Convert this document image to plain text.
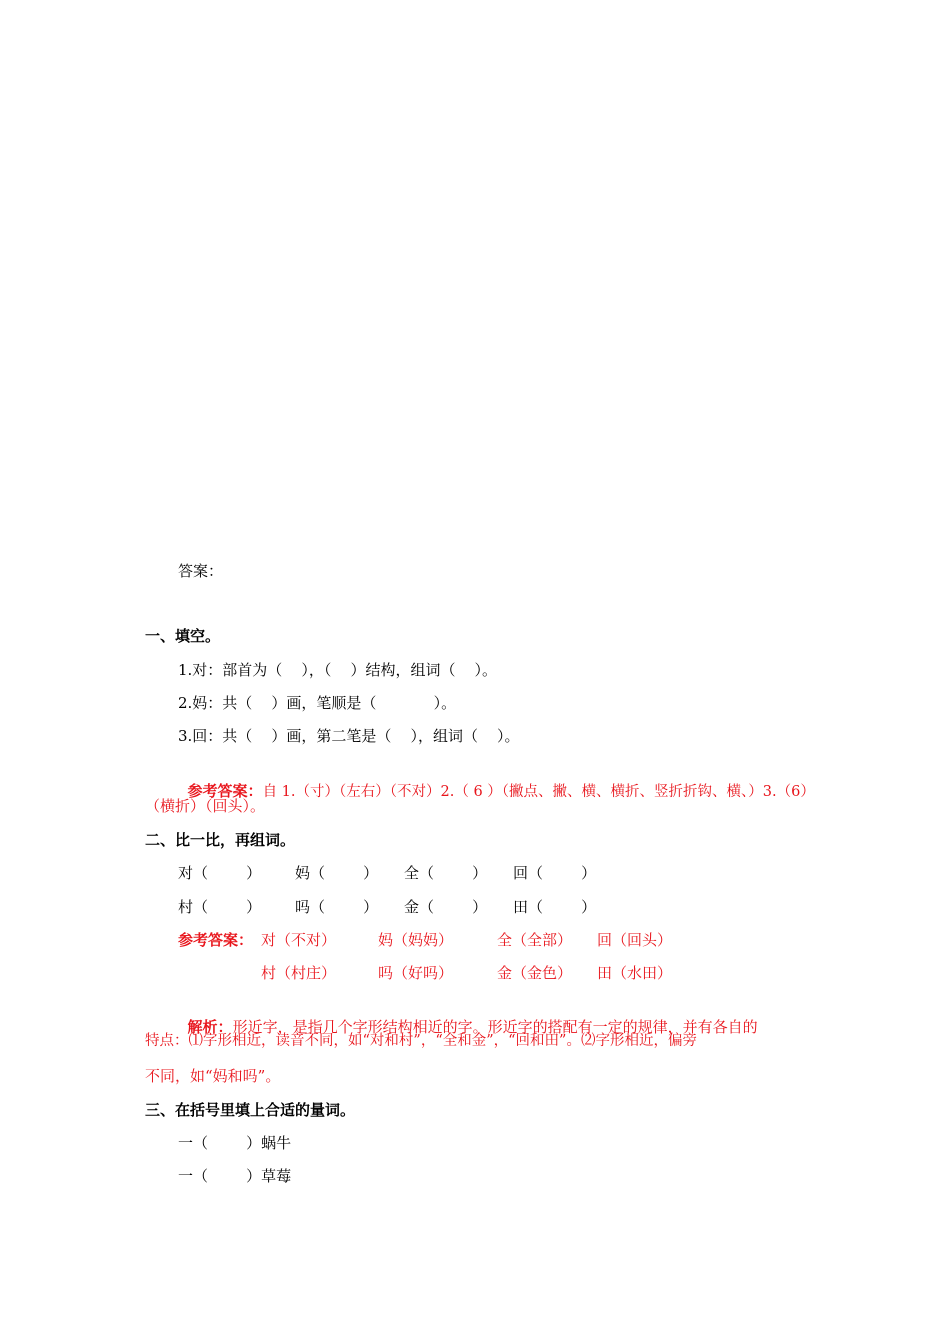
答案：
一、填空。
1.对：部首为（    ），（    ）结构，组词（    ）。
2.妈：共（    ）画，笔顺是（            ）。
3.回：共（    ）画，第二笔是（    ），组词（    ）。

参考答案：自 1.（寸）（左右）（不对）2.（ 6 ）（撇点、撇、横、横折、竖折折钩、横、）3.（6）

（横折）（回头）。
二、比一比，再组词。
对（        ） 妈（        ） 全（        ） 回（        ）
村（        ） 吗（        ） 金（        ） 田（        ）
参考答案： 对（不对）	妈（妈妈）	全（全部） 回（回头）
村（村庄）	吗（好吗）	金（金色） 田（水田）

解析：形近字，是指几个字形结构相近的字。形近字的搭配有一定的规律，并有各自的

特点：⑴字形相近，读音不同，如“对和村”，“全和金”，“回和田”。⑵字形相近，偏旁
不同，如“妈和吗”。
三、在括号里填上合适的量词。
一（        ）蜗牛
一（        ）草莓
